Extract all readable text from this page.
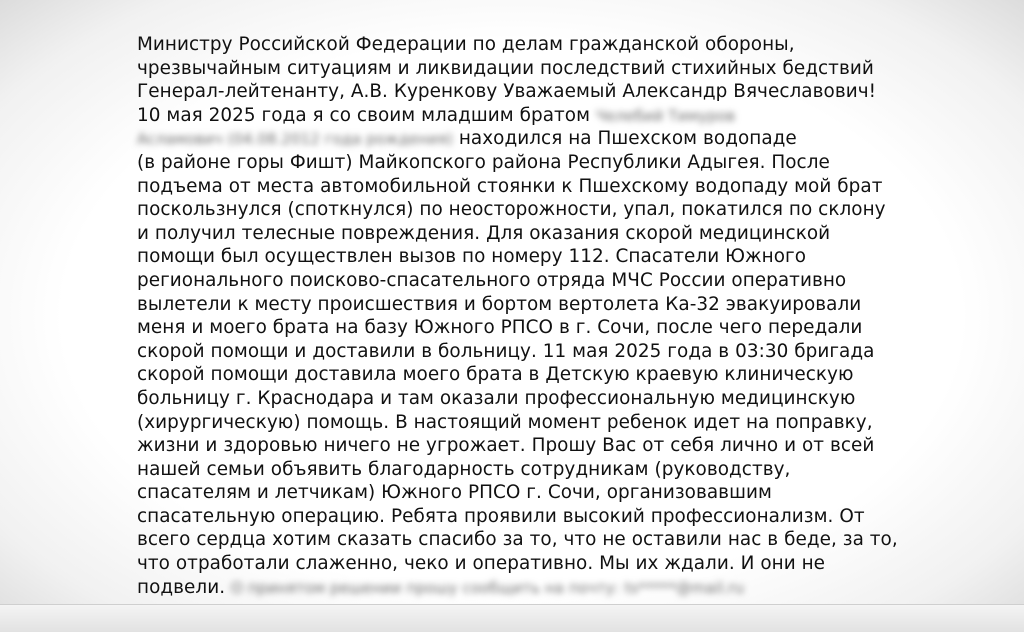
Министру Российской Федерации по делам гражданской обороны,
чрезвычайным ситуациям и ликвидации последствий стихийных бедствий
Генерал-лейтенанту, А.В. Куренкову Уважаемый Александр Вячеславович!
10 мая 2025 года я со своим младшим братом Челебий Тимуров
Асламович (04.08.2012 года рождения) находился на Пшехском водопаде
(в районе горы Фишт) Майкопского района Республики Адыгея. После
подъема от места автомобильной стоянки к Пшехскому водопаду мой брат
поскользнулся (споткнулся) по неосторожности, упал, покатился по склону
и получил телесные повреждения. Для оказания скорой медицинской
помощи был осуществлен вызов по номеру 112. Спасатели Южного
регионального поисково-спасательного отряда МЧС России оперативно
вылетели к месту происшествия и бортом вертолета Ка-32 эвакуировали
меня и моего брата на базу Южного РПСО в г. Сочи, после чего передали
скорой помощи и доставили в больницу. 11 мая 2025 года в 03:30 бригада
скорой помощи доставила моего брата в Детскую краевую клиническую
больницу г. Краснодара и там оказали профессиональную медицинскую
(хирургическую) помощь. В настоящий момент ребенок идет на поправку,
жизни и здоровью ничего не угрожает. Прошу Вас от себя лично и от всей
нашей семьи объявить благодарность сотрудникам (руководству,
спасателям и летчикам) Южного РПСО г. Сочи, организовавшим
спасательную операцию. Ребята проявили высокий профессионализм. От
всего сердца хотим сказать спасибо за то, что не оставили нас в беде, за то,
что отработали слаженно, чеко и оперативно. Мы их ждали. И они не
подвели. О принятом решении прошу сообщить на почту: ts*****@mail.ru
